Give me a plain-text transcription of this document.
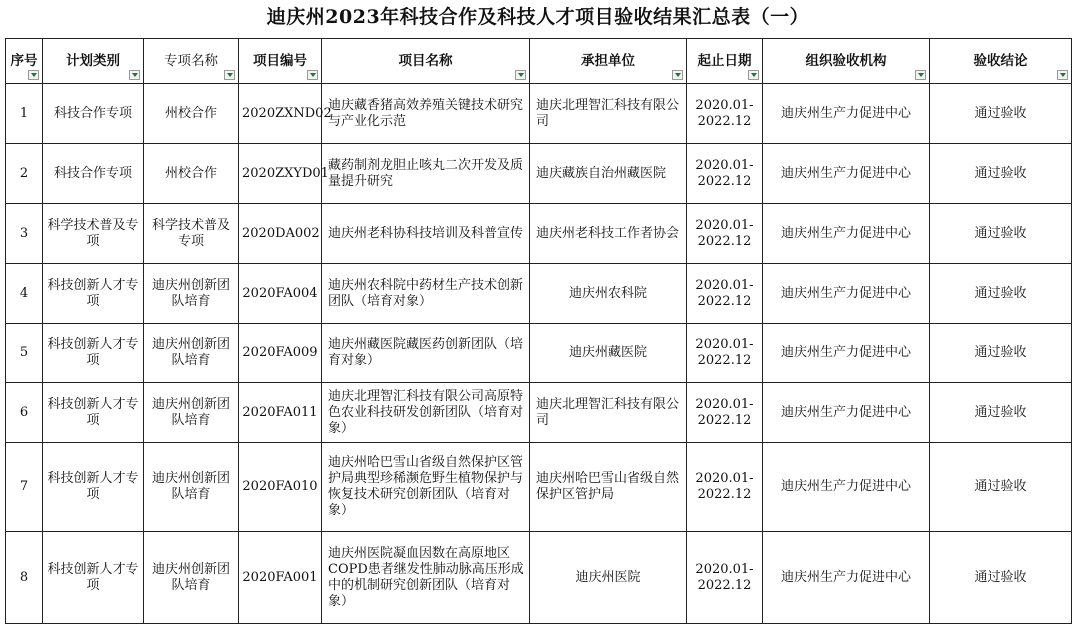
迪庆州2023年科技合作及科技人才项目验收结果汇总表（一）
序号	计划类别	专项名称	项目编号	项目名称	承担单位	起止日期	组织验收机构	验收结论

1	科技合作专项	州校合作	2020ZXND02	迪庆藏香猪高效养殖关键技术研究与产业化示范	迪庆北理智汇科技有限公司	2020.01-2022.12	迪庆州生产力促进中心	通过验收
2	科技合作专项	州校合作	2020ZXYD01	藏药制剂龙胆止咳丸二次开发及质量提升研究	迪庆藏族自治州藏医院	2020.01-2022.12	迪庆州生产力促进中心	通过验收
3	科学技术普及专项	科学技术普及专项	2020DA002	迪庆州老科协科技培训及科普宣传	迪庆州老科技工作者协会	2020.01-2022.12	迪庆州生产力促进中心	通过验收
4	科技创新人才专项	迪庆州创新团队培育	2020FA004	迪庆州农科院中药材生产技术创新团队（培育对象）	迪庆州农科院	2020.01-2022.12	迪庆州生产力促进中心	通过验收
5	科技创新人才专项	迪庆州创新团队培育	2020FA009	迪庆州藏医院藏医药创新团队（培育对象）	迪庆州藏医院	2020.01-2022.12	迪庆州生产力促进中心	通过验收
6	科技创新人才专项	迪庆州创新团队培育	2020FA011	迪庆北理智汇科技有限公司高原特色农业科技研发创新团队（培育对象）	迪庆北理智汇科技有限公司	2020.01-2022.12	迪庆州生产力促进中心	通过验收
7	科技创新人才专项	迪庆州创新团队培育	2020FA010	迪庆州哈巴雪山省级自然保护区管护局典型珍稀濒危野生植物保护与恢复技术研究创新团队（培育对象）	迪庆州哈巴雪山省级自然保护区管护局	2020.01-2022.12	迪庆州生产力促进中心	通过验收
8	科技创新人才专项	迪庆州创新团队培育	2020FA001	迪庆州医院凝血因数在高原地区COPD患者继发性肺动脉高压形成中的机制研究创新团队（培育对象）	迪庆州医院	2020.01-2022.12	迪庆州生产力促进中心	通过验收
